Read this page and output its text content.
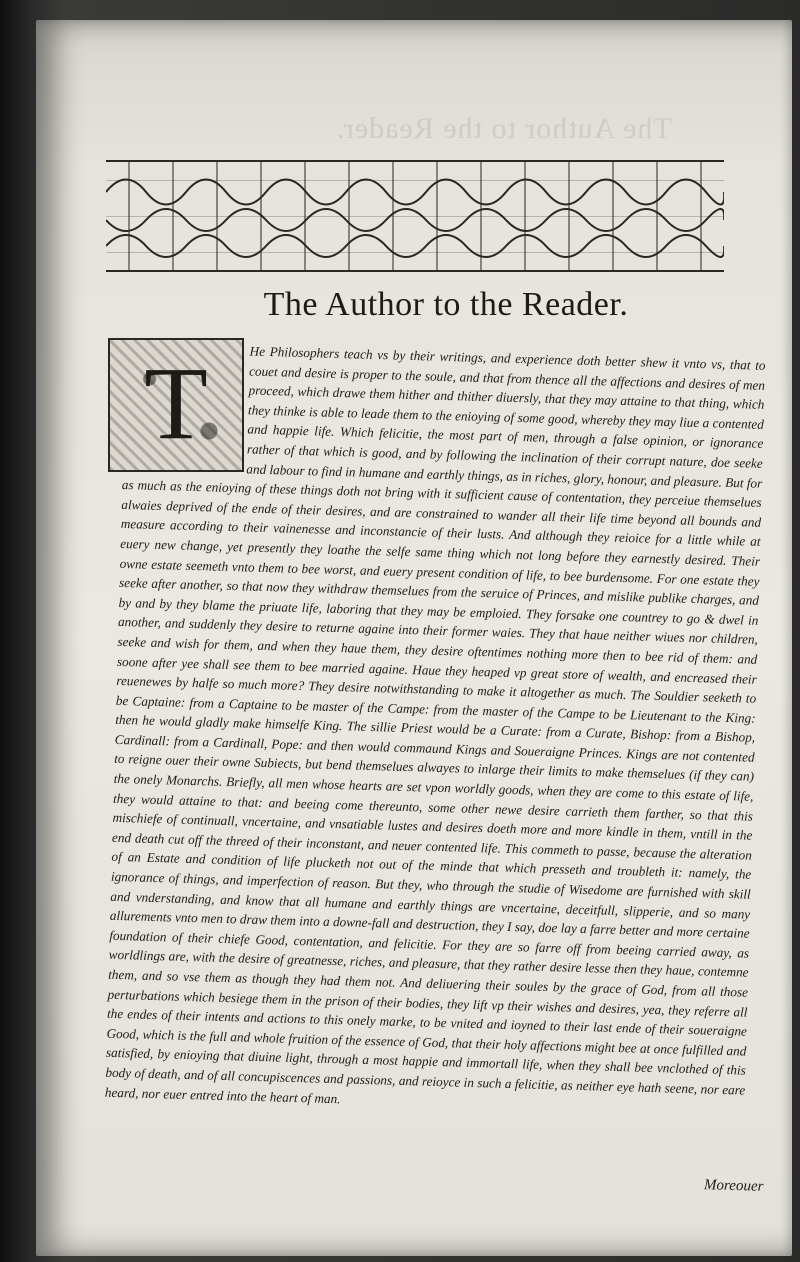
The Author to the Reader.
The Author to the Reader.
T	He Philosophers teach vs by their writings, and experience doth better shew it vnto vs, that to couet and desire is proper to the soule, and that from thence all the affections and desires of men proceed, which drawe them hither and thither diuersly, that they may attaine to that thing, which they thinke is able to leade them to the enioying of some good, whereby they may liue a contented and happie life. Which felicitie, the most part of men, through a false opinion, or ignorance rather of that which is good, and by following the inclination of their corrupt nature, doe seeke and labour to find in humane and earthly things, as in riches, glory, honour, and pleasure. But for as much as the enioying of these things doth not bring with it sufficient cause of contentation, they perceiue themselues alwaies deprived of the ende of their desires, and are constrained to wander all their life time beyond all bounds and measure according to their vainenesse and inconstancie of their lusts. And although they reioice for a little while at euery new change, yet presently they loathe the selfe same thing which not long before they earnestly desired. Their owne estate seemeth vnto them to bee worst, and euery present condition of life, to bee burdensome. For one estate they seeke after another, so that now they withdraw themselues from the seruice of Princes, and mislike publike charges, and by and by they blame the priuate life, laboring that they may be emploied. They forsake one countrey to go & dwel in another, and suddenly they desire to returne againe into their former waies. They that haue neither wiues nor children, seeke and wish for them, and when they haue them, they desire oftentimes nothing more then to bee rid of them: and soone after yee shall see them to bee married againe. Haue they heaped vp great store of wealth, and encreased their reuenewes by halfe so much more? They desire notwithstanding to make it altogether as much. The Souldier seeketh to be Captaine: from a Captaine to be master of the Campe: from the master of the Campe to be Lieutenant to the King: then he would gladly make himselfe King. The sillie Priest would be a Curate: from a Curate, Bishop: from a Bishop, Cardinall: from a Cardinall, Pope: and then would commaund Kings and Soueraigne Princes. Kings are not contented to reigne ouer their owne Subiects, but bend themselues alwayes to inlarge their limits to make themselues (if they can) the onely Monarchs. Briefly, all men whose hearts are set vpon worldly goods, when they are come to this estate of life, they would attaine to that: and beeing come thereunto, some other newe desire carrieth them farther, so that this mischiefe of continuall, vncertaine, and vnsatiable lustes and desires doeth more and more kindle in them, vntill in the end death cut off the threed of their inconstant, and neuer contented life. This commeth to passe, because the alteration of an Estate and condition of life plucketh not out of the minde that which presseth and troubleth it: namely, the ignorance of things, and imperfection of reason. But they, who through the studie of Wisedome are furnished with skill and vnderstanding, and know that all humane and earthly things are vncertaine, deceitfull, slipperie, and so many allurements vnto men to draw them into a downe-fall and destruction, they I say, doe lay a farre better and more certaine foundation of their chiefe Good, contentation, and felicitie. For they are so farre off from beeing carried away, as worldlings are, with the desire of greatnesse, riches, and pleasure, that they rather desire lesse then they haue, contemne them, and so vse them as though they had them not. And deliuering their soules by the grace of God, from all those perturbations which besiege them in the prison of their bodies, they lift vp their wishes and desires, yea, they referre all the endes of their intents and actions to this onely marke, to be vnited and ioyned to their last ende of their soueraigne Good, which is the full and whole fruition of the essence of God, that their holy affections might bee at once fulfilled and satisfied, by enioying that diuine light, through a most happie and immortall life, when they shall bee vnclothed of this body of death, and of all concupiscences and passions, and reioyce in such a felicitie, as neither eye hath seene, nor eare heard, nor euer entred into the heart of man.
Moreouer
